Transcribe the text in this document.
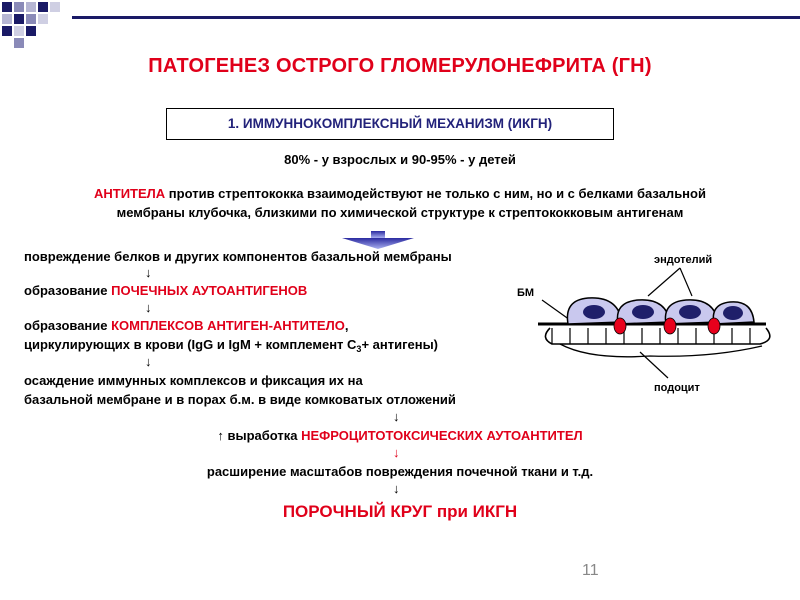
ПАТОГЕНЕЗ ОСТРОГО ГЛОМЕРУЛОНЕФРИТА (ГН)
1. ИММУННОКОМПЛЕКСНЫЙ МЕХАНИЗМ (ИКГН)
80% - у взрослых и 90-95% - у детей
АНТИТЕЛА против стрептококка взаимодействуют не только с ним, но и с белками базальной
мембраны клубочка, близкими по химической структуре к стрептококковым антигенам
повреждение белков и других компонентов базальной мембраны
↓
образование ПОЧЕЧНЫХ АУТОАНТИГЕНОВ
↓
образование КОМПЛЕКСОВ АНТИГЕН-АНТИТЕЛО,
циркулирующих в крови (IgG и IgM + комплемент $С_3+$ антигены)
↓
осаждение иммунных комплексов и фиксация их на
базальной мембране и в порах б.м. в виде комковатых отложений
↓
↑ выработка НЕФРОЦИТОТОКСИЧЕСКИХ АУТОАНТИТЕЛ
↓
расширение масштабов повреждения почечной ткани и т.д.
↓
ПОРОЧНЫЙ КРУГ при ИКГН
эндотелий
БМ
подоцит
11
